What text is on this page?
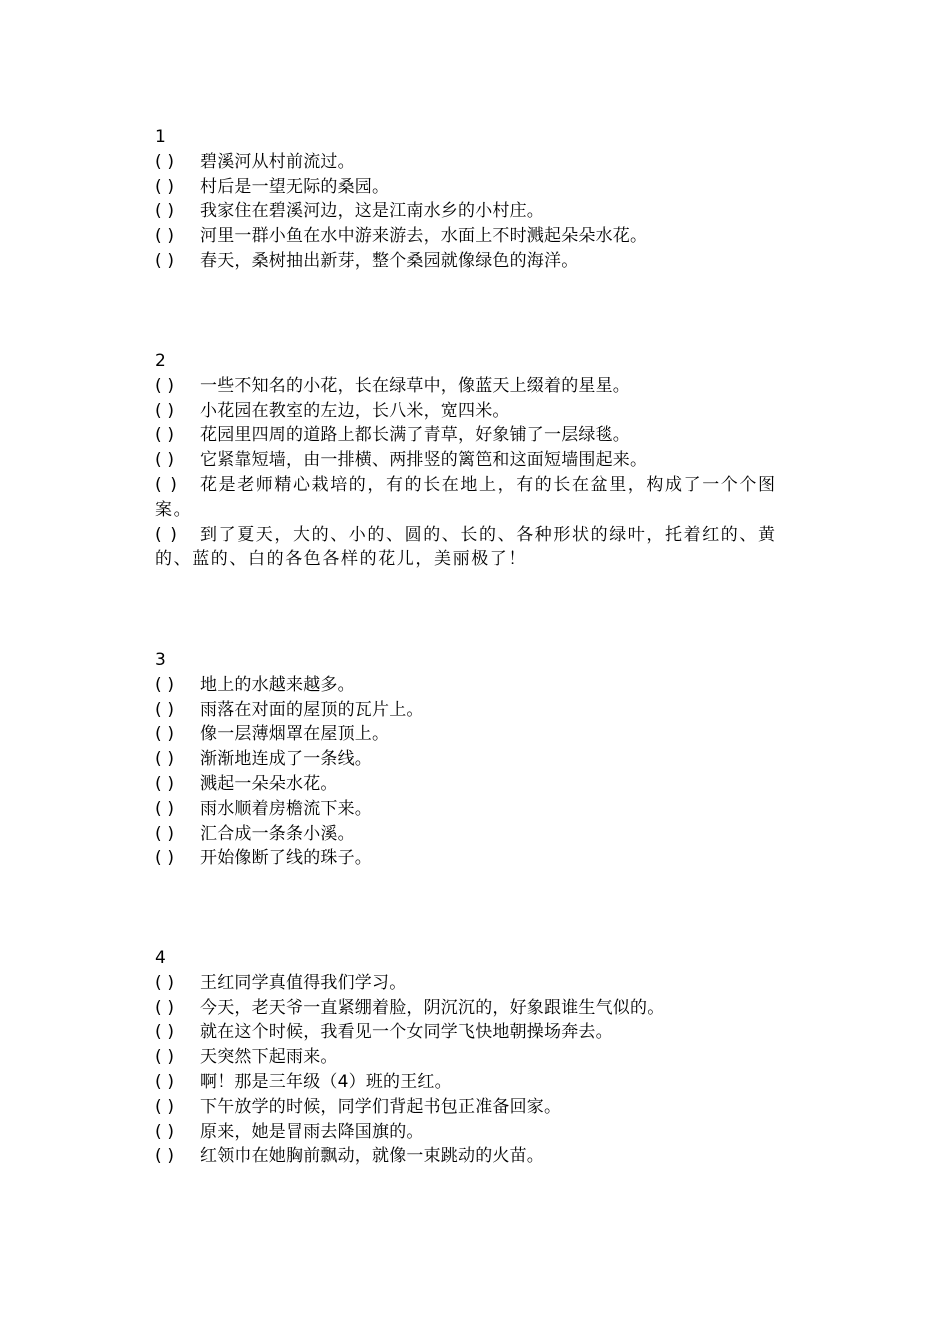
1
( ) 碧溪河从村前流过。
( ) 村后是一望无际的桑园。
( ) 我家住在碧溪河边，这是江南水乡的小村庄。
( ) 河里一群小鱼在水中游来游去，水面上不时溅起朵朵水花。
( ) 春天，桑树抽出新芽，整个桑园就像绿色的海洋。
2
( ) 一些不知名的小花，长在绿草中，像蓝天上缀着的星星。
( ) 小花园在教室的左边，长八米，宽四米。
( ) 花园里四周的道路上都长满了青草，好象铺了一层绿毯。
( ) 它紧靠短墙，由一排横、两排竖的篱笆和这面短墙围起来。
( ) 花是老师精心栽培的，有的长在地上，有的长在盆里，构成了一个个图案。
( ) 到了夏天，大的、小的、圆的、长的、各种形状的绿叶，托着红的、黄的、蓝的、白的各色各样的花儿，美丽极了！
3
( ) 地上的水越来越多。
( ) 雨落在对面的屋顶的瓦片上。
( ) 像一层薄烟罩在屋顶上。
( ) 渐渐地连成了一条线。
( ) 溅起一朵朵水花。
( ) 雨水顺着房檐流下来。
( ) 汇合成一条条小溪。
( ) 开始像断了线的珠子。
4
( ) 王红同学真值得我们学习。
( ) 今天，老天爷一直紧绷着脸，阴沉沉的，好象跟谁生气似的。
( ) 就在这个时候，我看见一个女同学飞快地朝操场奔去。
( ) 天突然下起雨来。
( ) 啊！那是三年级（4）班的王红。
( ) 下午放学的时候，同学们背起书包正准备回家。
( ) 原来，她是冒雨去降国旗的。
( ) 红领巾在她胸前飘动，就像一束跳动的火苗。
